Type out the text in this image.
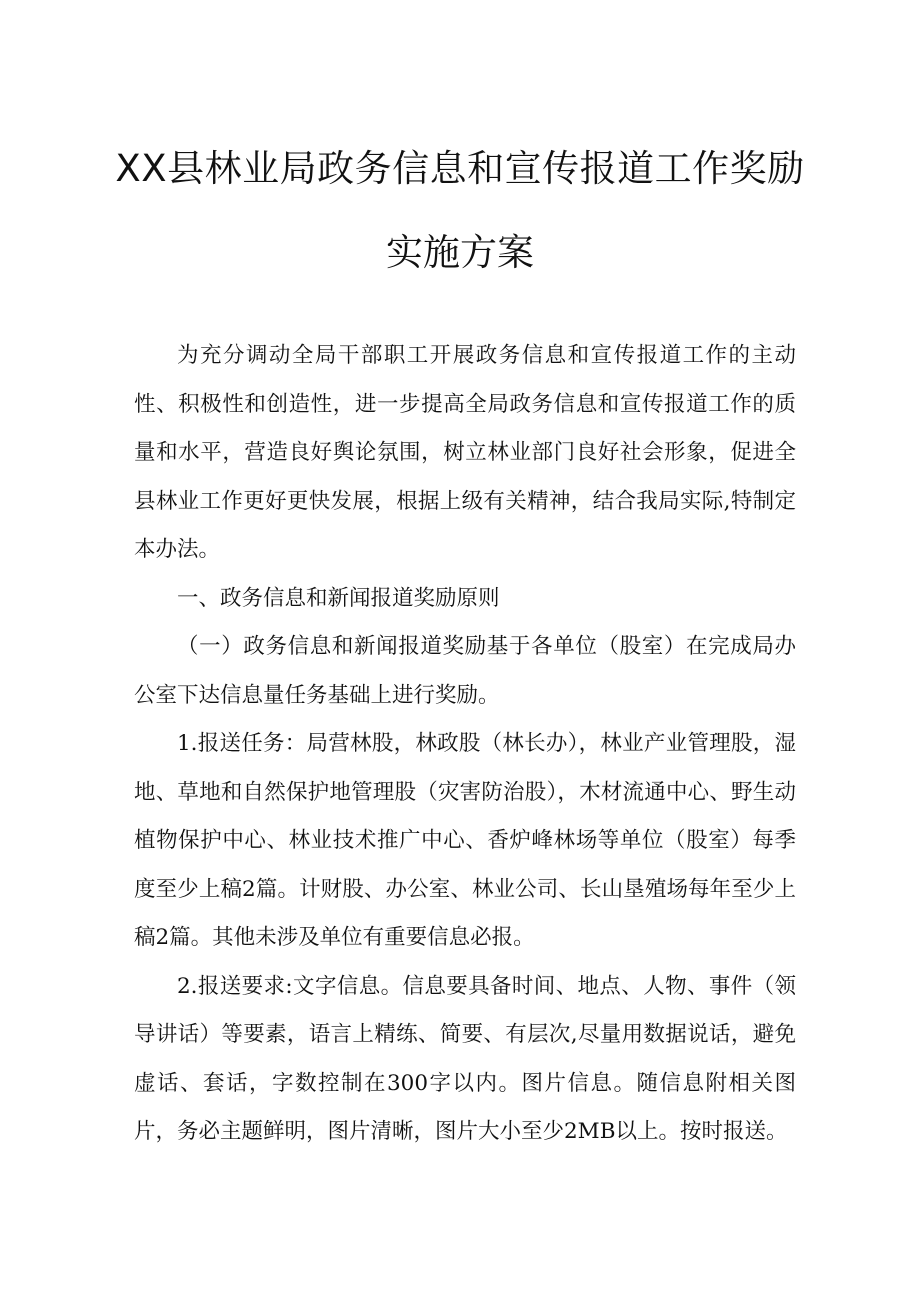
XX县林业局政务信息和宣传报道工作奖励
实施方案

为充分调动全局干部职工开展政务信息和宣传报道工作的主动性、积极性和创造性，进一步提高全局政务信息和宣传报道工作的质量和水平，营造良好舆论氛围，树立林业部门良好社会形象，促进全县林业工作更好更快发展，根据上级有关精神，结合我局实际,特制定本办法。

一、政务信息和新闻报道奖励原则

（一）政务信息和新闻报道奖励基于各单位（股室）在完成局办公室下达信息量任务基础上进行奖励。

1.报送任务：局营林股，林政股（林长办），林业产业管理股，湿地、草地和自然保护地管理股（灾害防治股），木材流通中心、野生动植物保护中心、林业技术推广中心、香炉峰林场等单位（股室）每季度至少上稿2篇。计财股、办公室、林业公司、长山垦殖场每年至少上稿2篇。其他未涉及单位有重要信息必报。

2.报送要求:文字信息。信息要具备时间、地点、人物、事件（领导讲话）等要素，语言上精练、简要、有层次,尽量用数据说话，避免虚话、套话，字数控制在300字以内。图片信息。随信息附相关图片，务必主题鲜明，图片清晰，图片大小至少2MB以上。按时报送。
